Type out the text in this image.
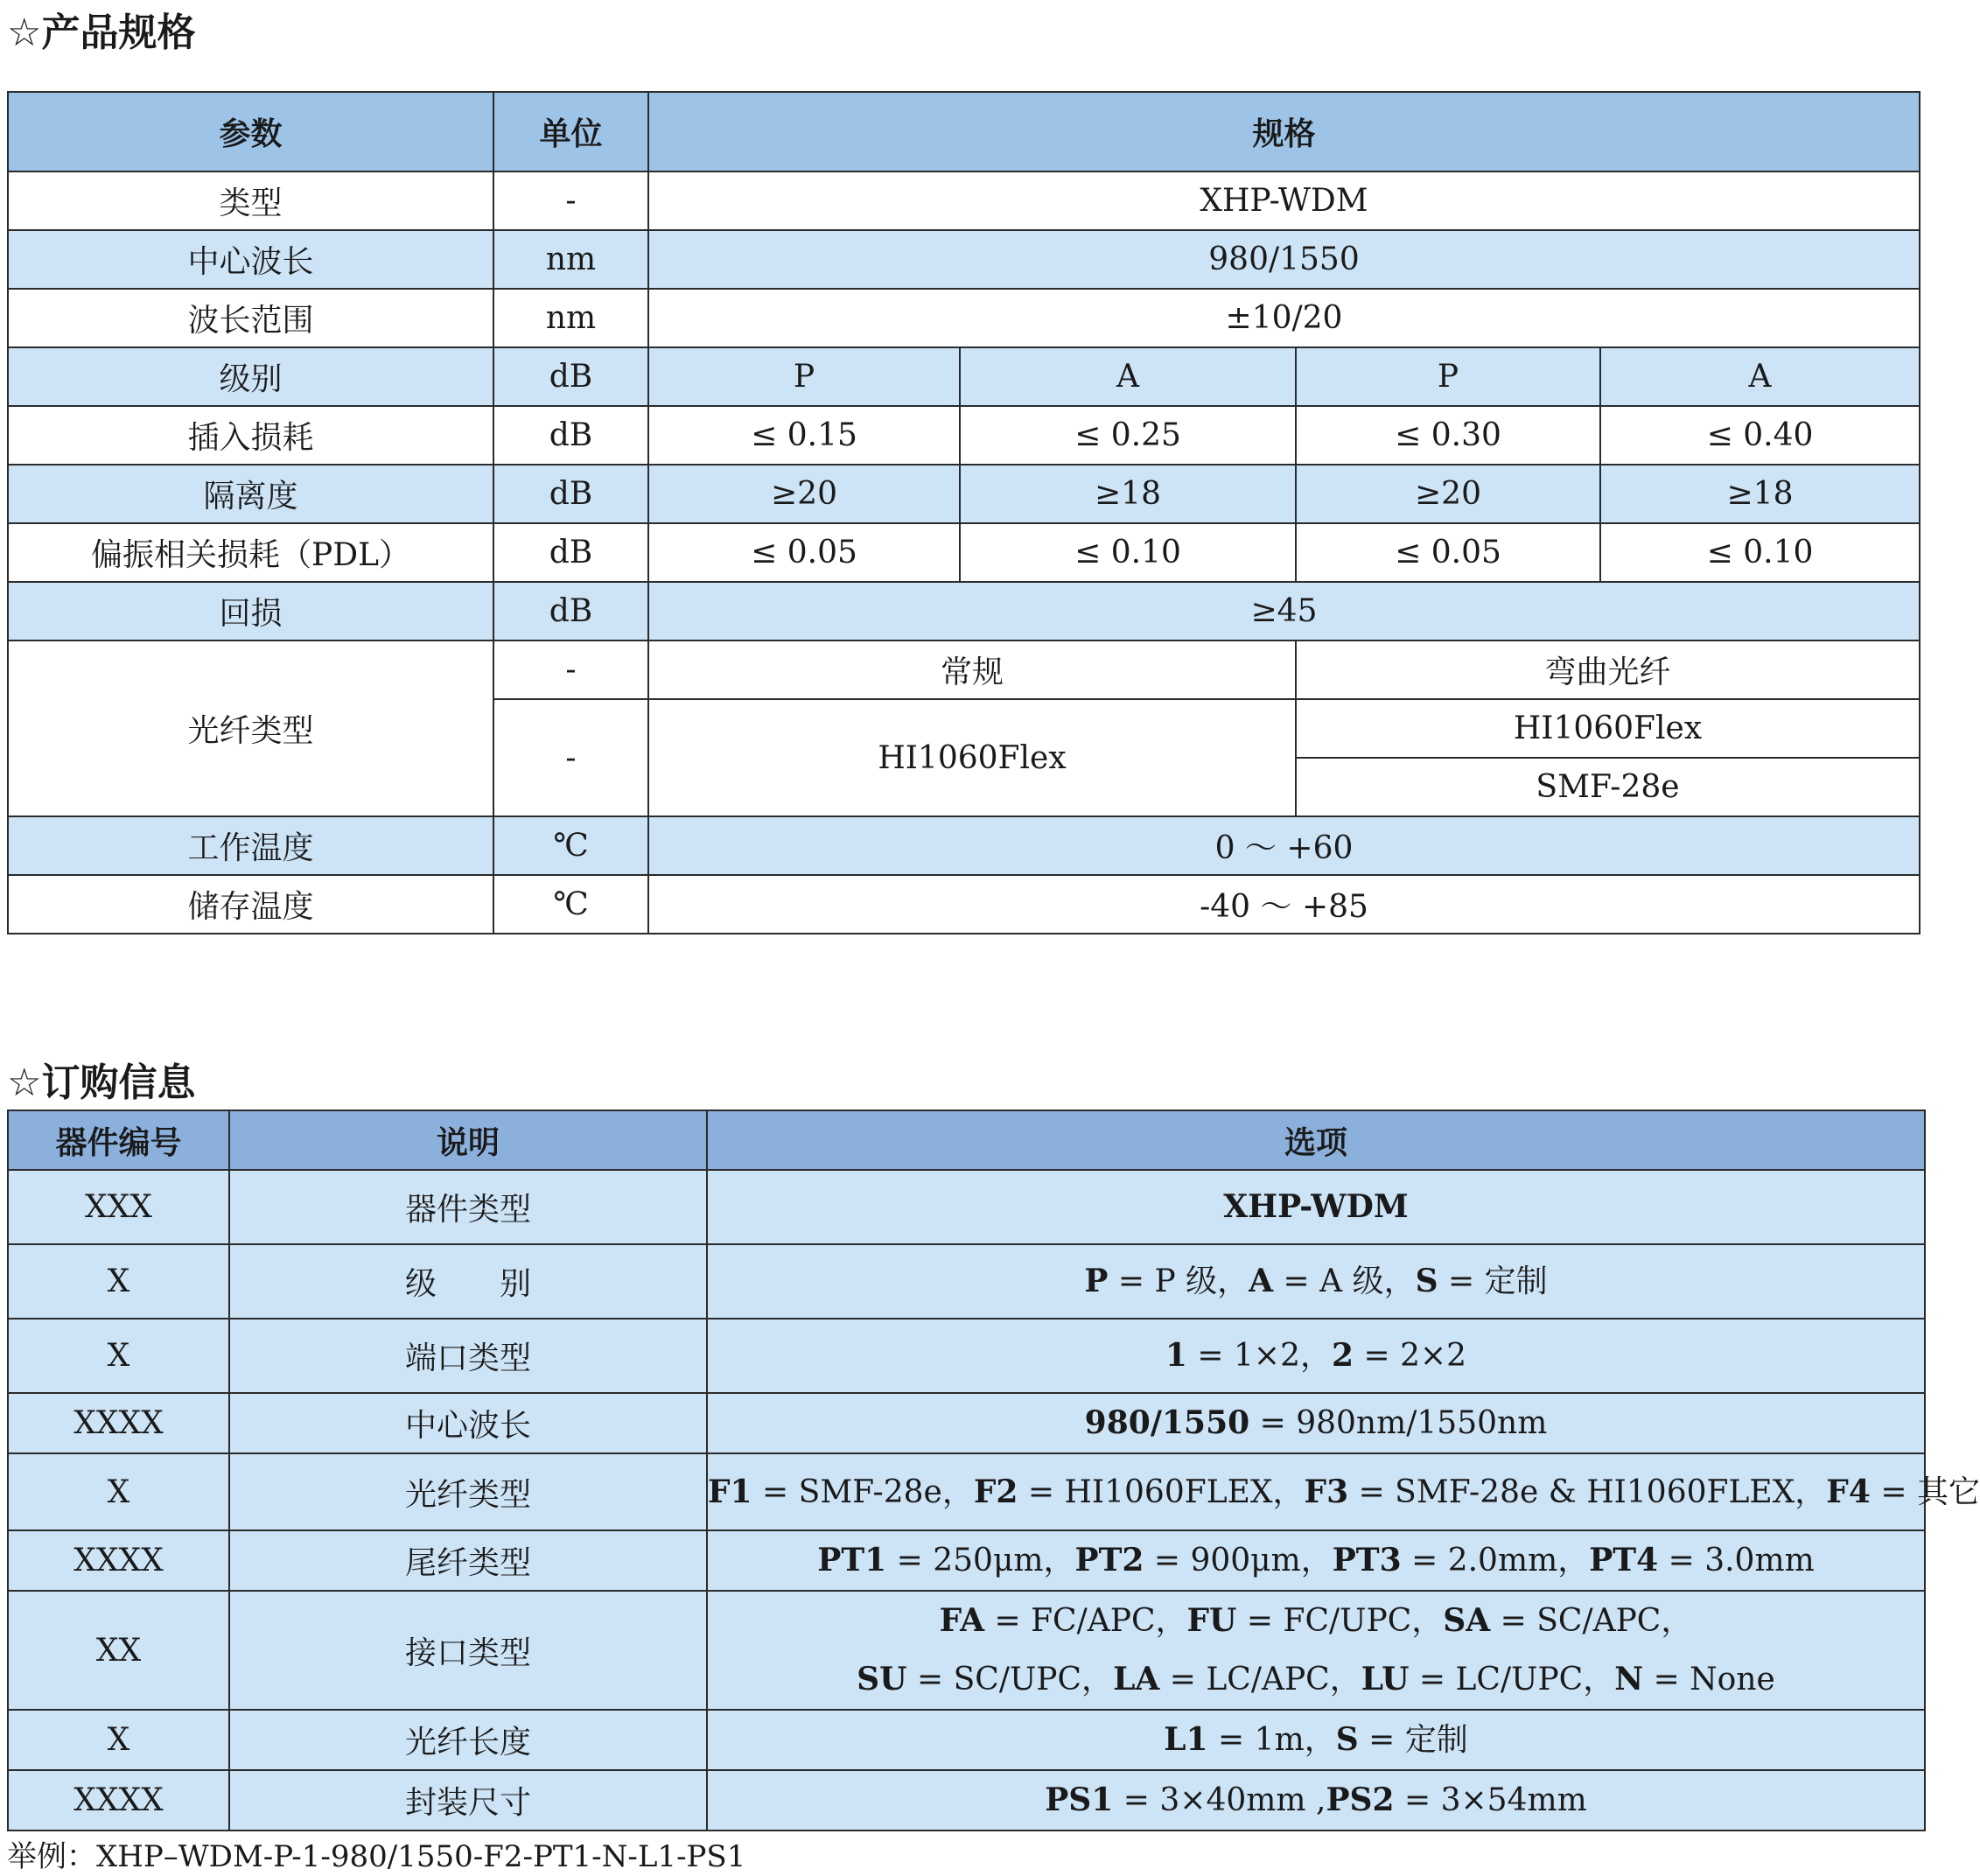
☆产品规格
参数	单位	规格			
类型	-	XHP-WDM			
中心波长	nm	980/1550			
波长范围	nm	±10/20			
级别	dB	P	A	P	A
插入损耗	dB	≤ 0.15	≤ 0.25	≤ 0.30	≤ 0.40
隔离度	dB	≥20	≥18	≥20	≥18
偏振相关损耗（PDL）	dB	≤ 0.05	≤ 0.10	≤ 0.05	≤ 0.10
回损	dB	≥45			
光纤类型	-	常规		弯曲光纤	
	-	HI1060Flex		HI1060Flex	
				SMF-28e	
工作温度	℃	0 ～ +60			
储存温度	℃	-40 ～ +85			
☆订购信息
器件编号	说明	选项
XXX	器件类型	XHP-WDM

X	级　　别	P = P 级，A = A 级，S = 定制

X	端口类型	1 = 1×2，2 = 2×2

XXXX	中心波长	980/1550 = 980nm/1550nm

X	光纤类型	F1 = SMF-28e，F2 = HI1060FLEX，F3 = SMF-28e & HI1060FLEX，F4 = 其它

XXXX	尾纤类型	PT1 = 250μm，PT2 = 900μm，PT3 = 2.0mm，PT4 = 3.0mm

XX	接口类型	FA = FC/APC，FU = FC/UPC，SA = SC/APC，
SU = SC/UPC，LA = LC/APC，LU = LC/UPC，N = None

X	光纤长度	L1 = 1m，S = 定制

XXXX	封装尺寸	PS1 = 3×40mm ,PS2 = 3×54mm
举例：XHP–WDM-P-1-980/1550-F2-PT1-N-L1-PS1
